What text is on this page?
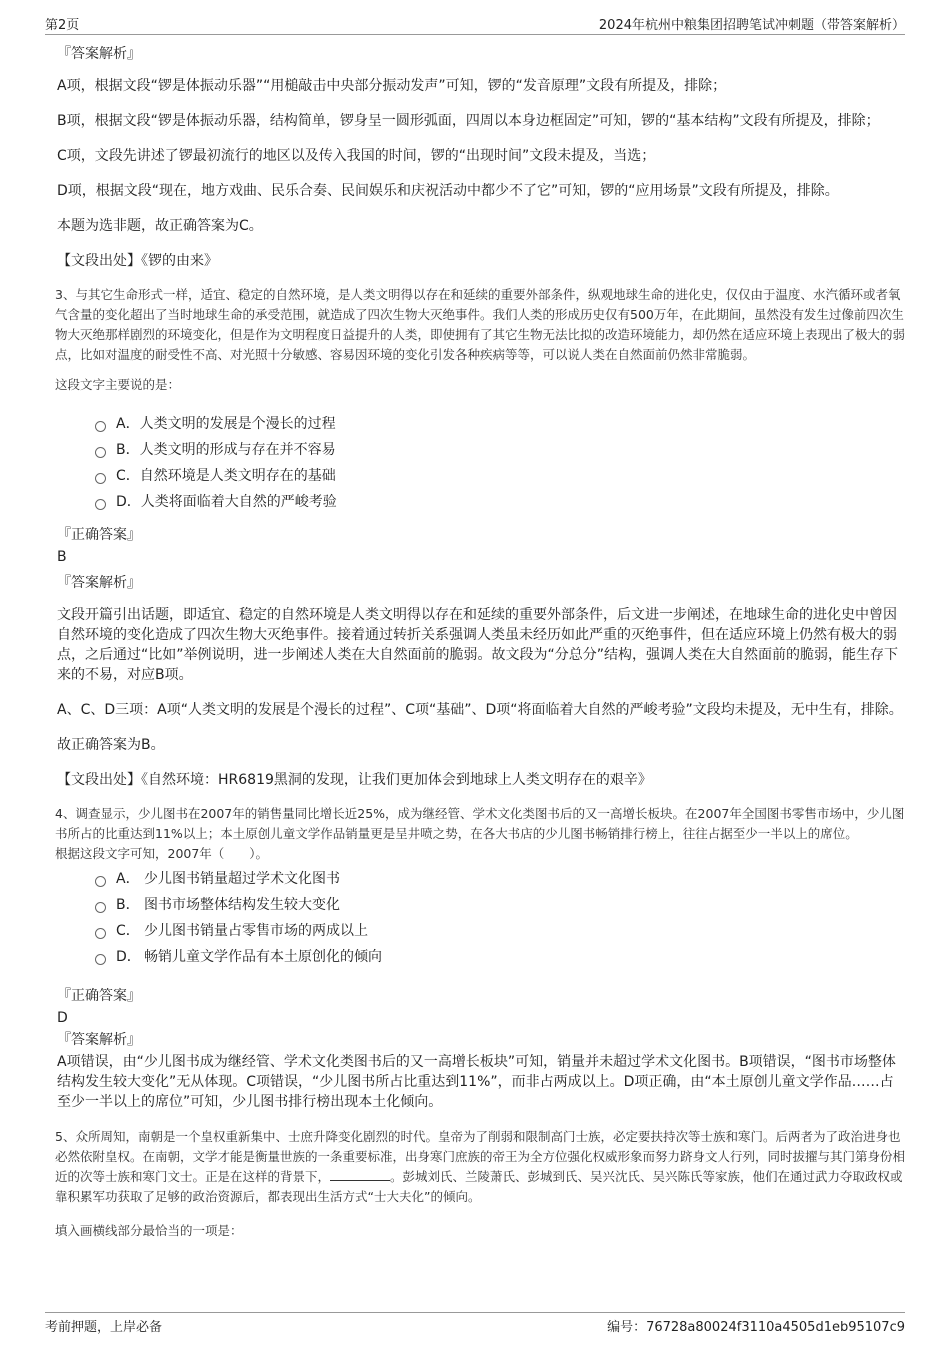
第2页	2024年杭州中粮集团招聘笔试冲刺题（带答案解析）
『答案解析』
A项，根据文段“锣是体振动乐器”“用槌敲击中央部分振动发声”可知，锣的“发音原理”文段有所提及，排除；
B项，根据文段“锣是体振动乐器，结构简单，锣身呈一圆形弧面，四周以本身边框固定”可知，锣的“基本结构”文段有所提及，排除；
C项，文段先讲述了锣最初流行的地区以及传入我国的时间，锣的“出现时间”文段未提及，当选；
D项，根据文段“现在，地方戏曲、民乐合奏、民间娱乐和庆祝活动中都少不了它”可知，锣的“应用场景”文段有所提及，排除。
本题为选非题，故正确答案为C。
【文段出处】《锣的由来》
3、与其它生命形式一样，适宜、稳定的自然环境，是人类文明得以存在和延续的重要外部条件，纵观地球生命的进化史，仅仅由于温度、水汽循环或者氧气含量的变化超出了当时地球生命的承受范围，就造成了四次生物大灭绝事件。我们人类的形成历史仅有500万年，在此期间，虽然没有发生过像前四次生物大灭绝那样剧烈的环境变化，但是作为文明程度日益提升的人类，即使拥有了其它生物无法比拟的改造环境能力，却仍然在适应环境上表现出了极大的弱点，比如对温度的耐受性不高、对光照十分敏感、容易因环境的变化引发各种疾病等等，可以说人类在自然面前仍然非常脆弱。
这段文字主要说的是：
A． 人类文明的发展是个漫长的过程
B． 人类文明的形成与存在并不容易
C． 自然环境是人类文明存在的基础
D． 人类将面临着大自然的严峻考验
『正确答案』
B
『答案解析』
文段开篇引出话题，即适宜、稳定的自然环境是人类文明得以存在和延续的重要外部条件，后文进一步阐述，在地球生命的进化史中曾因自然环境的变化造成了四次生物大灭绝事件。接着通过转折关系强调人类虽未经历如此严重的灭绝事件，但在适应环境上仍然有极大的弱点，之后通过“比如”举例说明，进一步阐述人类在大自然面前的脆弱。故文段为“分总分”结构，强调人类在大自然面前的脆弱，能生存下来的不易，对应B项。
A、C、D三项：A项“人类文明的发展是个漫长的过程”、C项“基础”、D项“将面临着大自然的严峻考验”文段均未提及，无中生有，排除。
故正确答案为B。
【文段出处】《自然环境：HR6819黑洞的发现，让我们更加体会到地球上人类文明存在的艰辛》
4、调查显示，少儿图书在2007年的销售量同比增长近25%，成为继经管、学术文化类图书后的又一高增长板块。在2007年全国图书零售市场中，少儿图书所占的比重达到11%以上；本土原创儿童文学作品销量更是呈井喷之势，在各大书店的少儿图书畅销排行榜上，往往占据至少一半以上的席位。
根据这段文字可知，2007年（　　）。
A． 少儿图书销量超过学术文化图书
B． 图书市场整体结构发生较大变化
C． 少儿图书销量占零售市场的两成以上
D． 畅销儿童文学作品有本土原创化的倾向
『正确答案』
D
『答案解析』
A项错误，由“少儿图书成为继经管、学术文化类图书后的又一高增长板块”可知，销量并未超过学术文化图书。B项错误，“图书市场整体结构发生较大变化”无从体现。C项错误，“少儿图书所占比重达到11%”，而非占两成以上。D项正确，由“本土原创儿童文学作品……占至少一半以上的席位”可知，少儿图书排行榜出现本土化倾向。
5、众所周知，南朝是一个皇权重新集中、士庶升降变化剧烈的时代。皇帝为了削弱和限制高门士族，必定要扶持次等士族和寒门。后两者为了政治进身也必然依附皇权。在南朝，文学才能是衡量世族的一条重要标准，出身寒门庶族的帝王为全方位强化权威形象而努力跻身文人行列，同时拔擢与其门第身份相近的次等士族和寒门文士。正是在这样的背景下，	。彭城刘氏、兰陵萧氏、彭城到氏、吴兴沈氏、吴兴陈氏等家族，他们在通过武力夺取政权或靠积累军功获取了足够的政治资源后，都表现出生活方式“士大夫化”的倾向。
填入画横线部分最恰当的一项是：
考前押题，上岸必备	编号：76728a80024f3110a4505d1eb95107c9
